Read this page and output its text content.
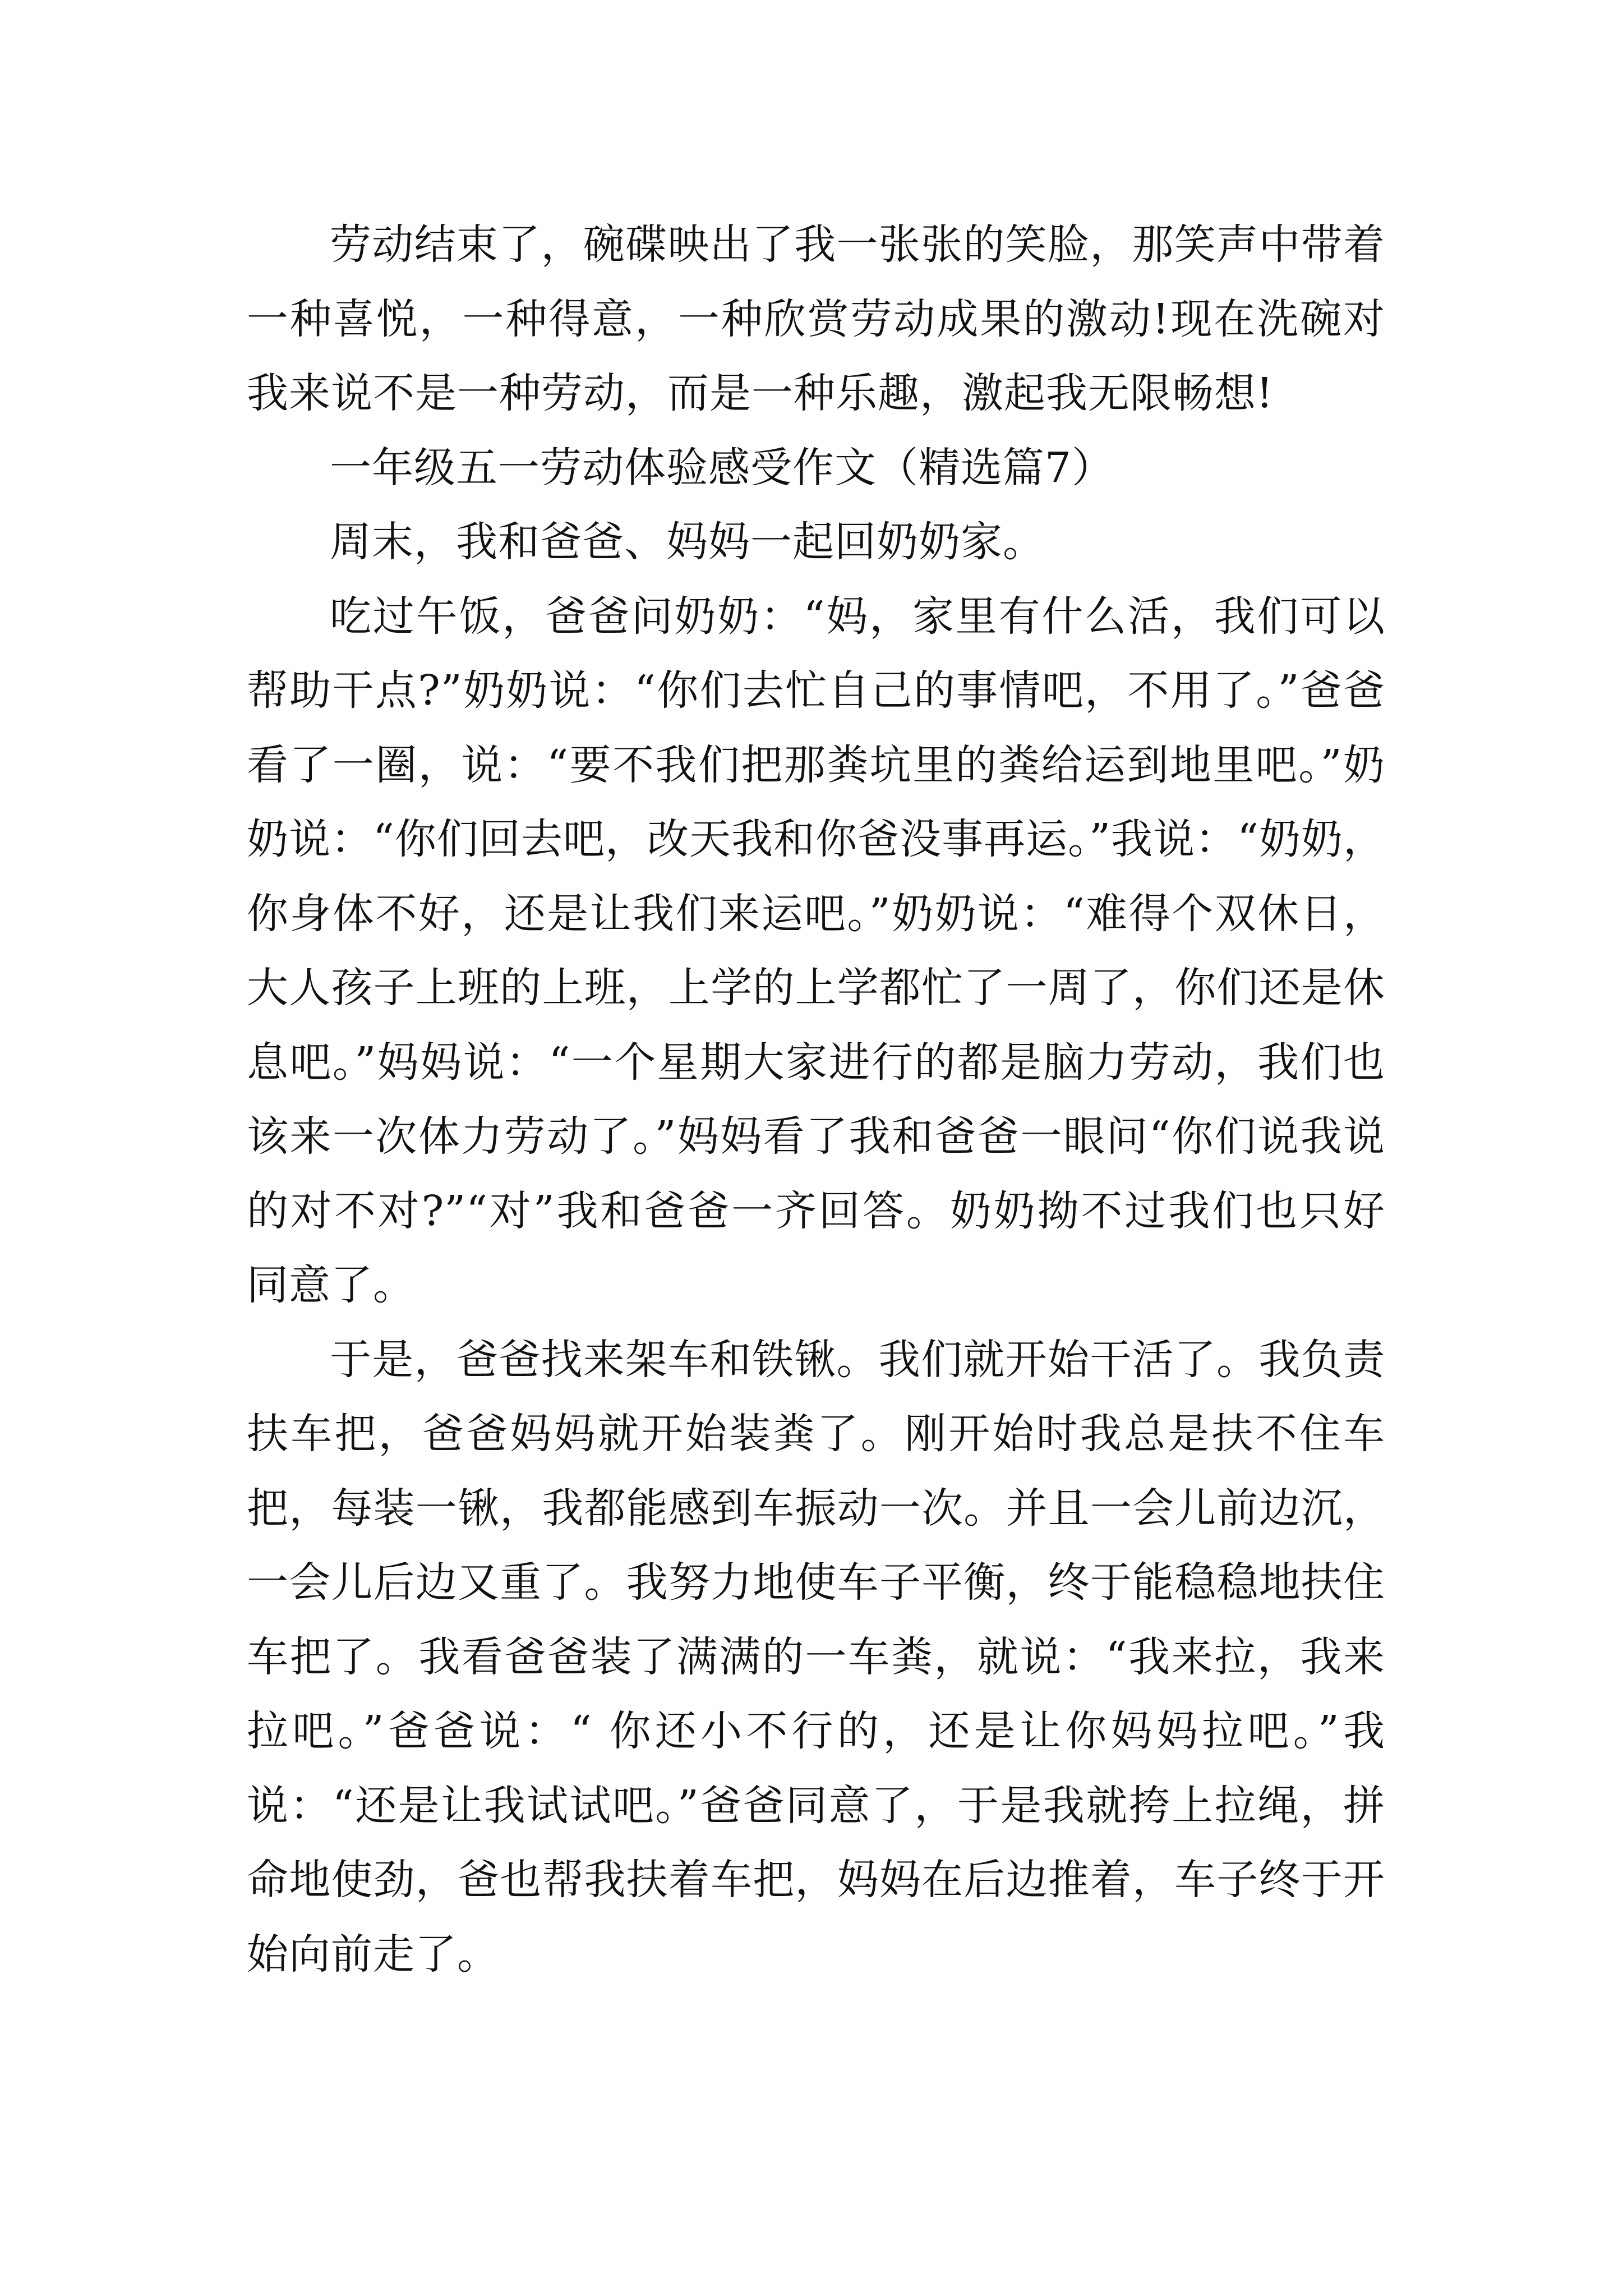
劳动结束了，碗碟映出了我一张张的笑脸，那笑声中带着一种喜悦，一种得意，一种欣赏劳动成果的激动!现在洗碗对我来说不是一种劳动，而是一种乐趣，激起我无限畅想!

一年级五一劳动体验感受作文（精选篇7）

周末，我和爸爸、妈妈一起回奶奶家。

吃过午饭，爸爸问奶奶：“妈，家里有什么活，我们可以帮助干点?”奶奶说：“你们去忙自己的事情吧，不用了。”爸爸看了一圈，说：“要不我们把那粪坑里的粪给运到地里吧。”奶奶说：“你们回去吧，改天我和你爸没事再运。”我说：“奶奶，你身体不好，还是让我们来运吧。”奶奶说：“难得个双休日，大人孩子上班的上班，上学的上学都忙了一周了，你们还是休息吧。”妈妈说：“一个星期大家进行的都是脑力劳动，我们也该来一次体力劳动了。”妈妈看了我和爸爸一眼问“你们说我说的对不对?”“对”我和爸爸一齐回答。奶奶拗不过我们也只好同意了。

于是，爸爸找来架车和铁锹。我们就开始干活了。我负责扶车把，爸爸妈妈就开始装粪了。刚开始时我总是扶不住车把，每装一锹，我都能感到车振动一次。并且一会儿前边沉，一会儿后边又重了。我努力地使车子平衡，终于能稳稳地扶住车把了。我看爸爸装了满满的一车粪，就说：“我来拉，我来拉吧。”爸爸说：“ 你还小不行的，还是让你妈妈拉吧。”我说：“还是让我试试吧。”爸爸同意了，于是我就挎上拉绳，拼命地使劲，爸也帮我扶着车把，妈妈在后边推着，车子终于开始向前走了。
